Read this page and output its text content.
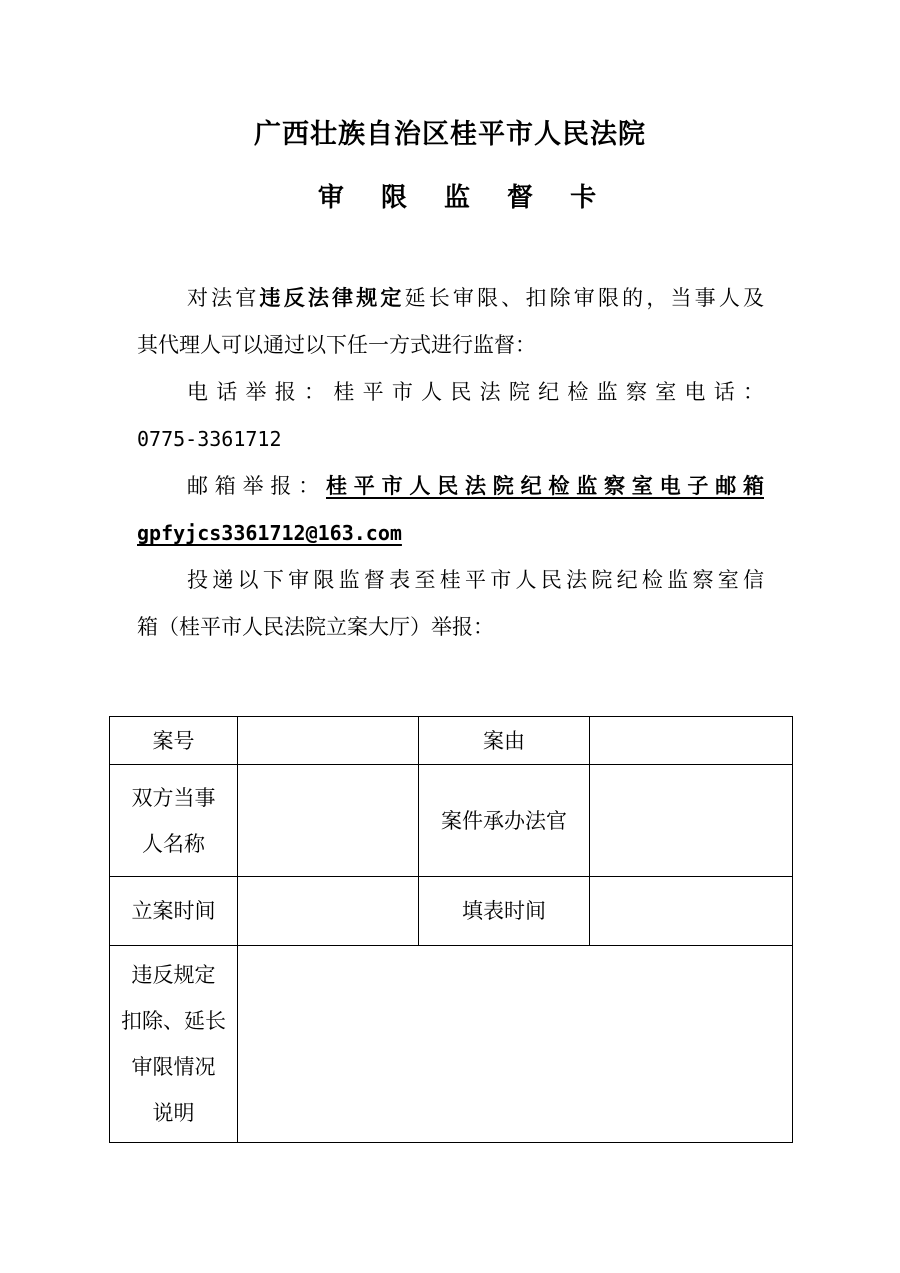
广西壮族自治区桂平市人民法院
审 限 监 督 卡
对法官违反法律规定延长审限、扣除审限的，当事人及
其代理人可以通过以下任一方式进行监督：
电话举报：桂平市人民法院纪检监察室电话：
0775-3361712
邮箱举报：桂平市人民法院纪检监察室电子邮箱
gpfyjcs3361712@163.com
投递以下审限监督表至桂平市人民法院纪检监察室信
箱（桂平市人民法院立案大厅）举报：
案号		案由	

双方当事
人名称		案件承办法官	
立案时间		填表时间	

违反规定
扣除、延长
审限情况
说明			
